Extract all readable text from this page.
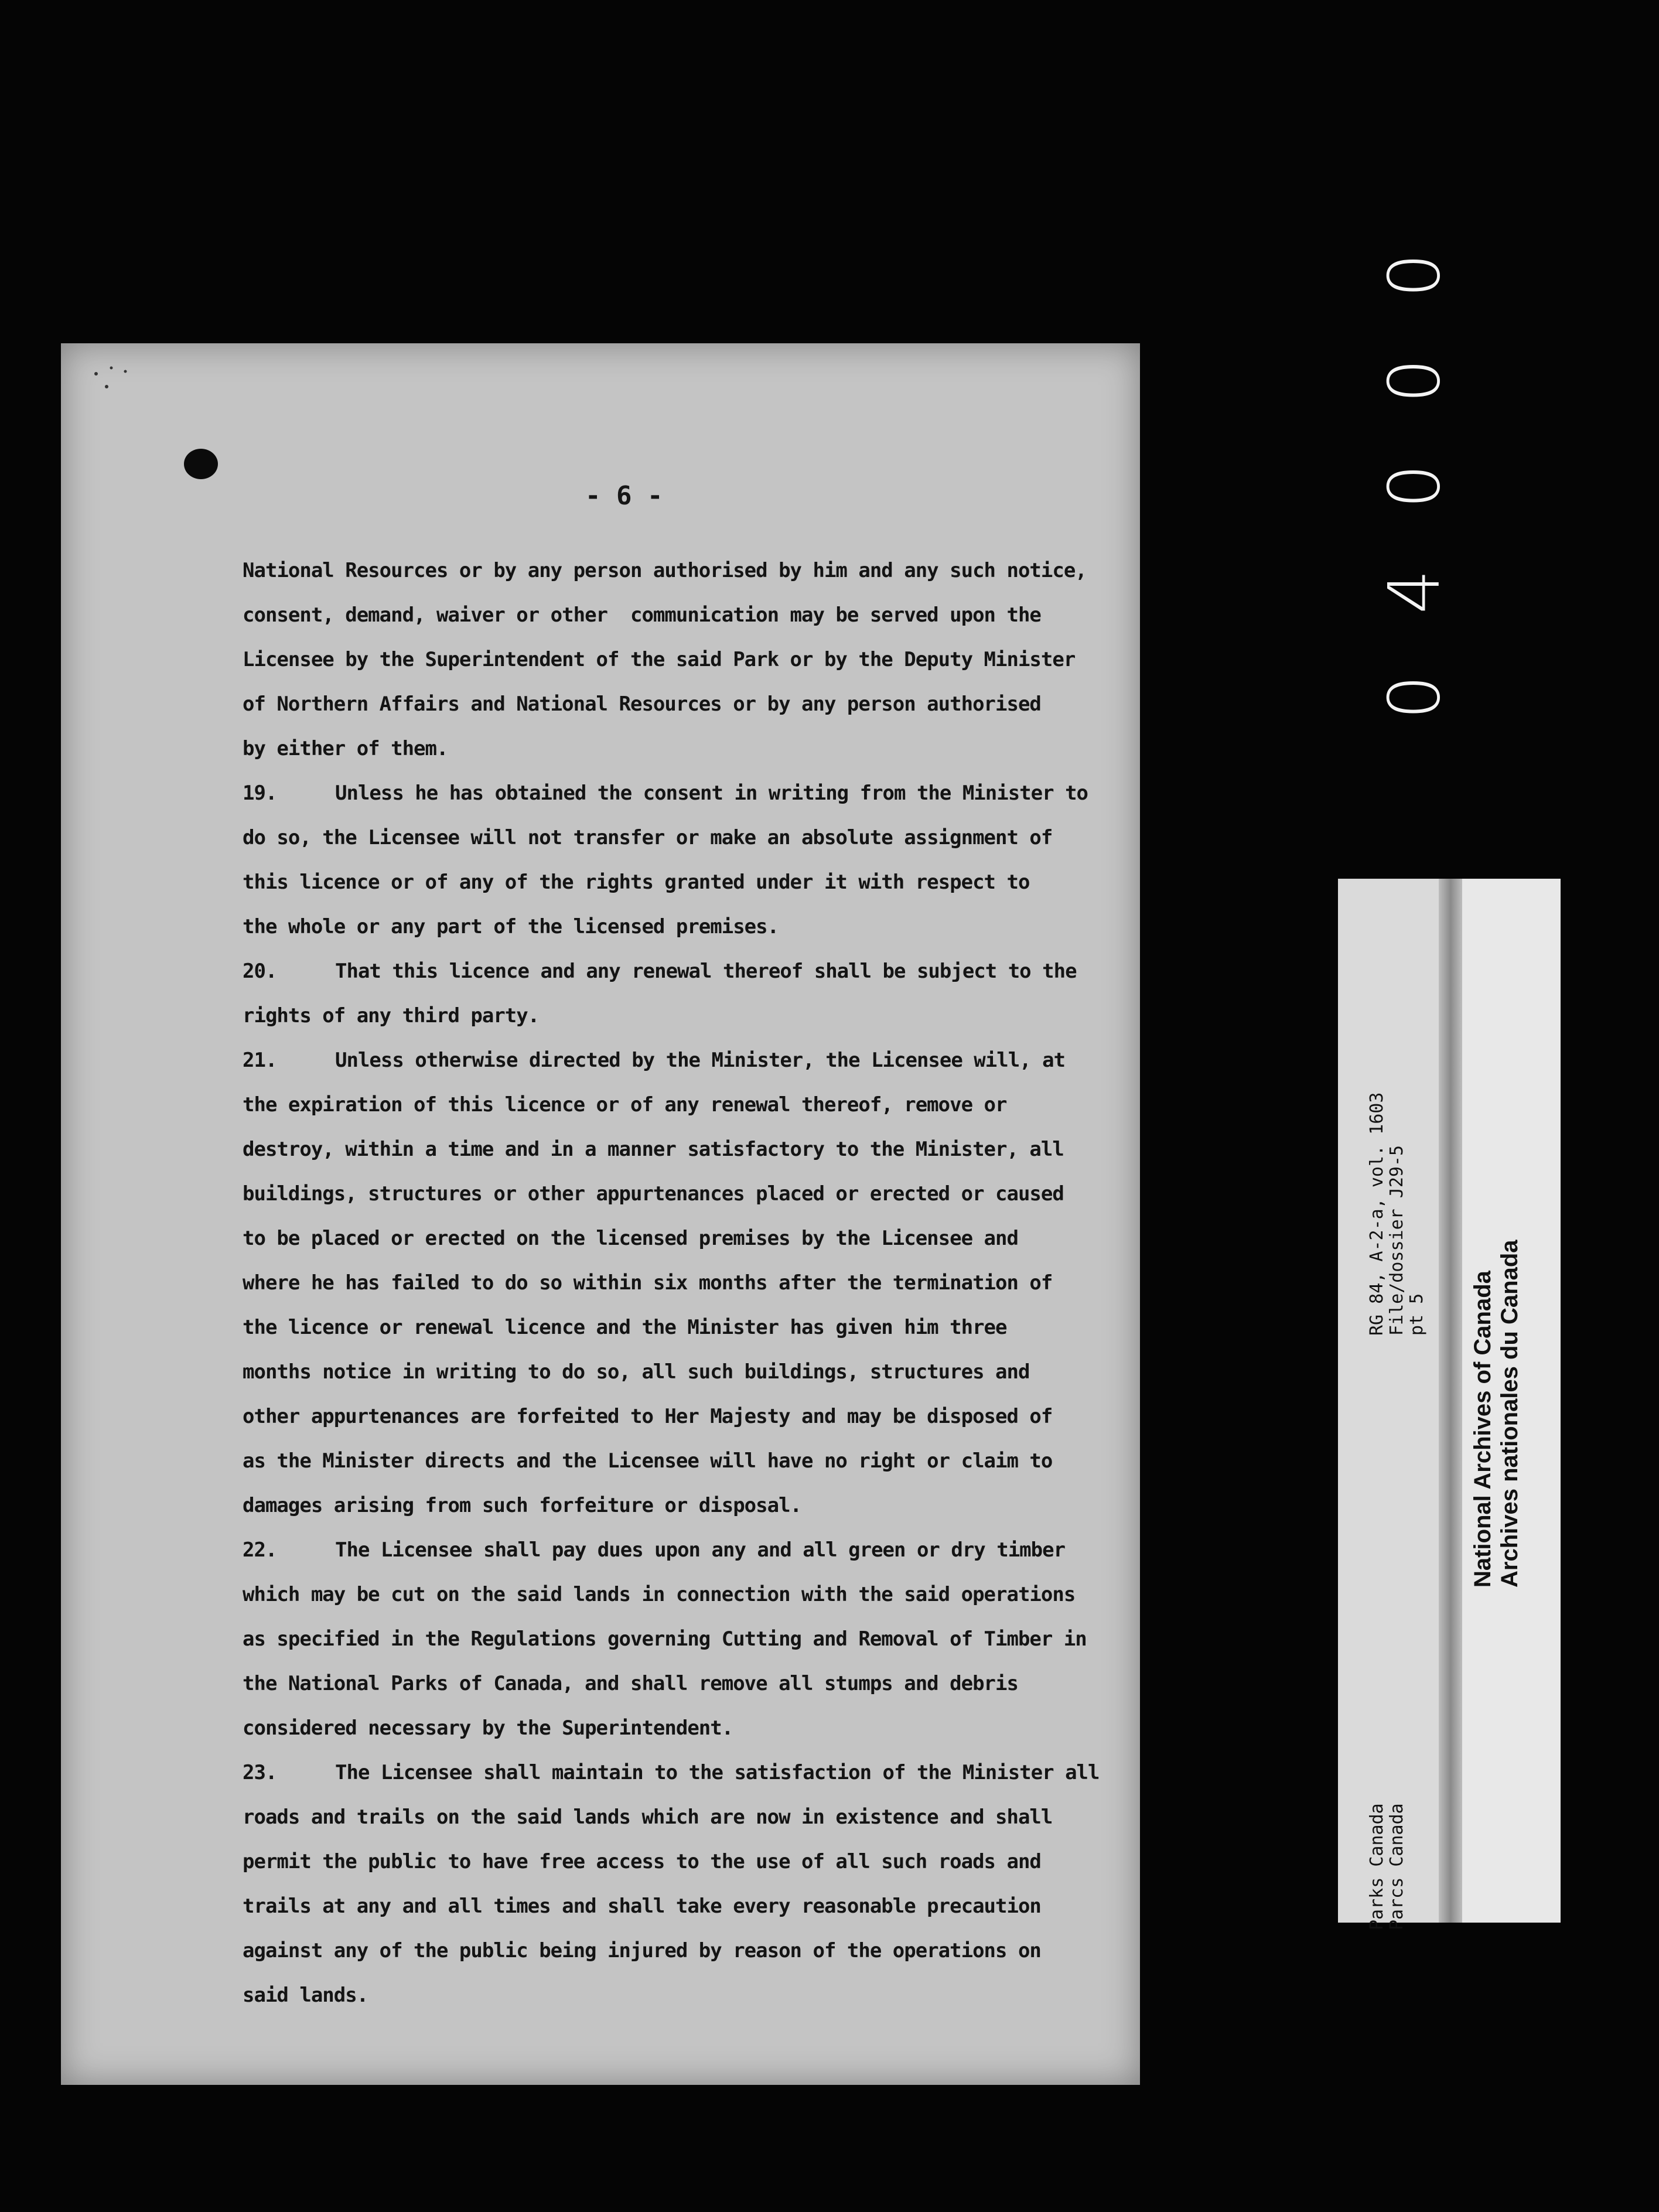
- 6 -
National Resources or by any person authorised by him and any such notice,
consent, demand, waiver or other  communication may be served upon the
Licensee by the Superintendent of the said Park or by the Deputy Minister
of Northern Affairs and National Resources or by any person authorised
by either of them.
19.	Unless he has obtained the consent in writing from the Minister to
do so, the Licensee will not transfer or make an absolute assignment of
this licence or of any of the rights granted under it with respect to
the whole or any part of the licensed premises.
20.	That this licence and any renewal thereof shall be subject to the
rights of any third party.
21.	Unless otherwise directed by the Minister, the Licensee will, at
the expiration of this licence or of any renewal thereof, remove or
destroy, within a time and in a manner satisfactory to the Minister, all
buildings, structures or other appurtenances placed or erected or caused
to be placed or erected on the licensed premises by the Licensee and
where he has failed to do so within six months after the termination of
the licence or renewal licence and the Minister has given him three
months notice in writing to do so, all such buildings, structures and
other appurtenances are forfeited to Her Majesty and may be disposed of
as the Minister directs and the Licensee will have no right or claim to
damages arising from such forfeiture or disposal.
22.	The Licensee shall pay dues upon any and all green or dry timber
which may be cut on the said lands in connection with the said operations
as specified in the Regulations governing Cutting and Removal of Timber in
the National Parks of Canada, and shall remove all stumps and debris
considered necessary by the Superintendent.
23.	The Licensee shall maintain to the satisfaction of the Minister all
roads and trails on the said lands which are now in existence and shall
permit the public to have free access to the use of all such roads and
trails at any and all times and shall take every reasonable precaution
against any of the public being injured by reason of the operations on
said lands.
0
0
0
4
0
Parks Canada Parcs Canada
RG 84, A-2-a, vol. 1603 File/dossier J29-5 pt 5 National Archives of Canada Archives nationales du Canada
